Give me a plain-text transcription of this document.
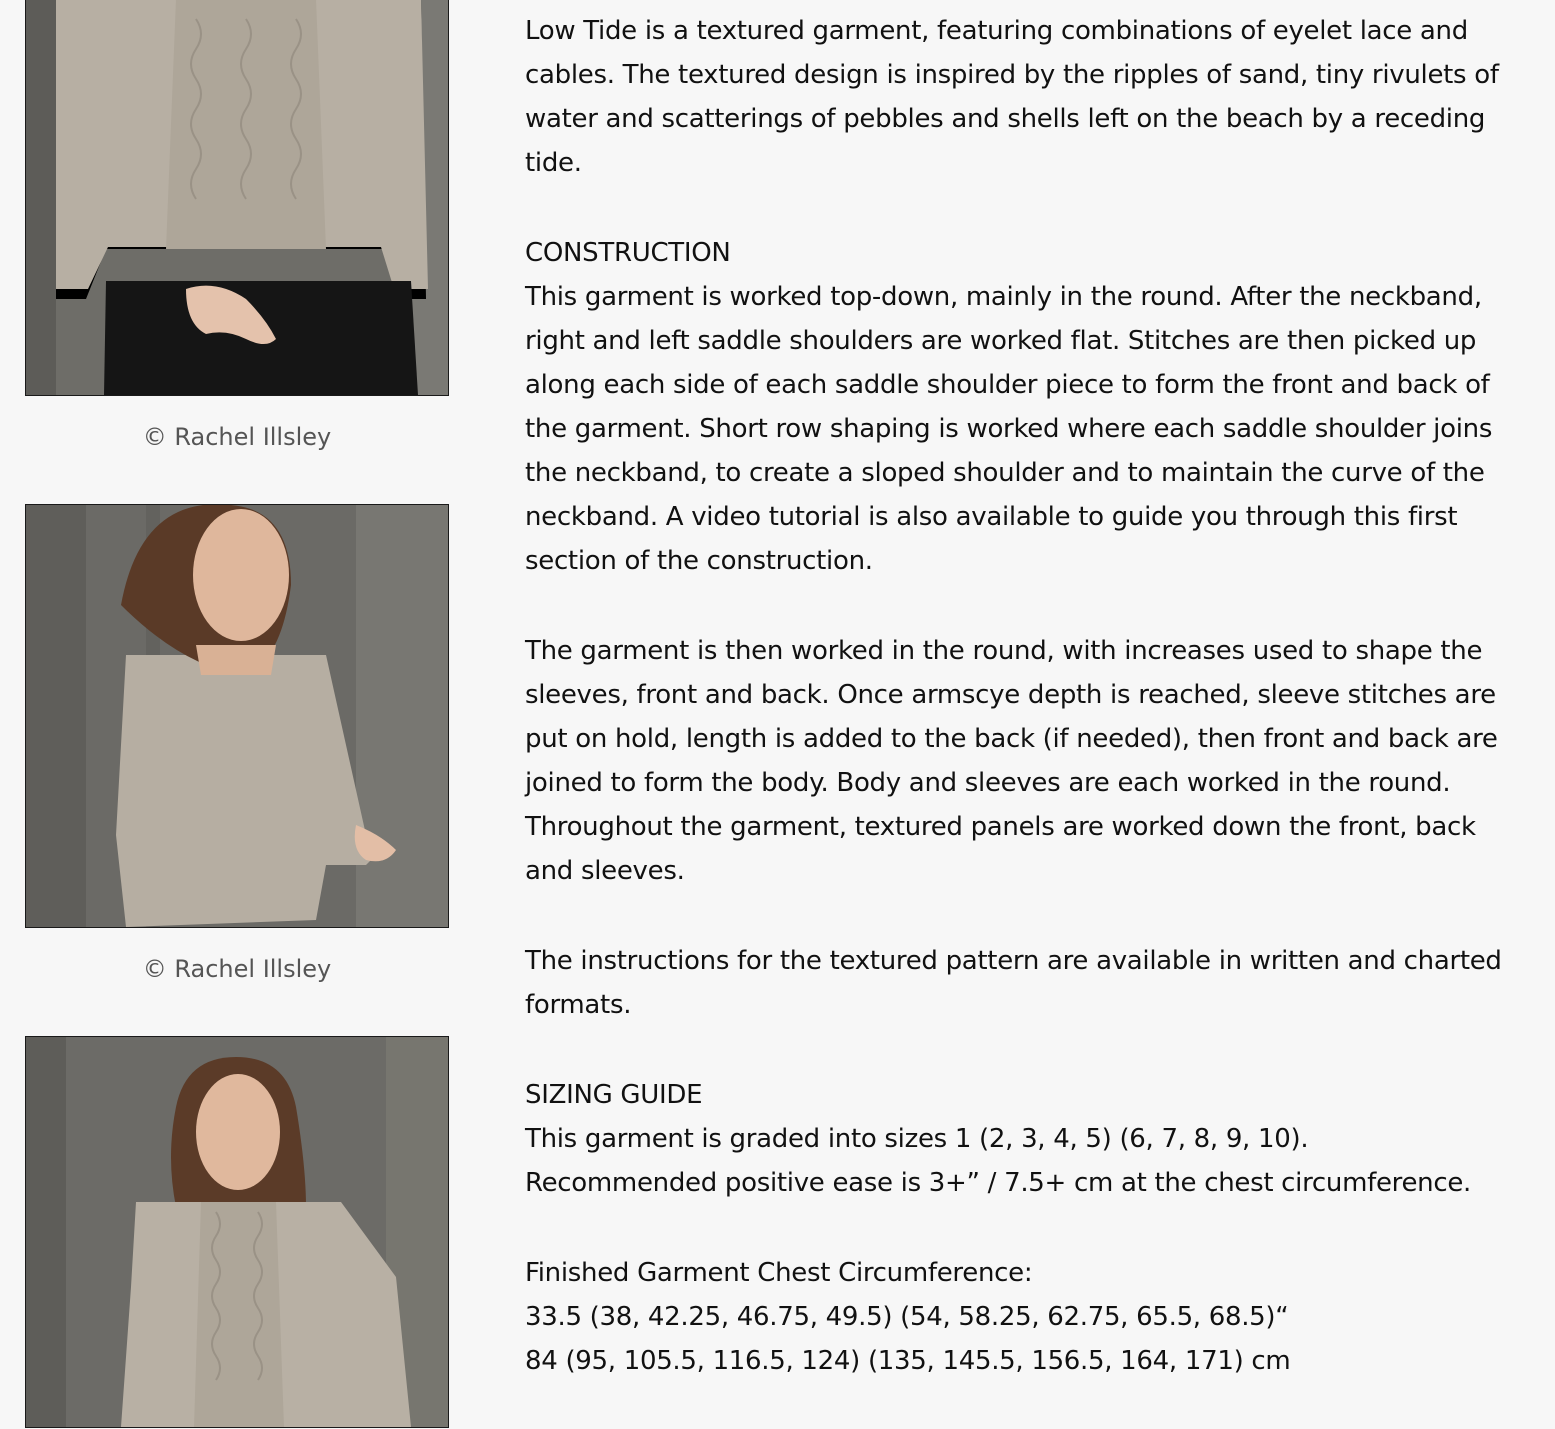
© Rachel Illsley
© Rachel Illsley

Low Tide is a textured garment, featuring combinations of eyelet lace and cables. The textured design is inspired by the ripples of sand, tiny rivulets of water and scatterings of pebbles and shells left on the beach by a receding tide.

CONSTRUCTION

This garment is worked top-down, mainly in the round. After the neckband, right and left saddle shoulders are worked flat. Stitches are then picked up along each side of each saddle shoulder piece to form the front and back of the garment. Short row shaping is worked where each saddle shoulder joins the neckband, to create a sloped shoulder and to maintain the curve of the neckband. A video tutorial is also available to guide you through this first section of the construction.

The garment is then worked in the round, with increases used to shape the sleeves, front and back. Once armscye depth is reached, sleeve stitches are put on hold, length is added to the back (if needed), then front and back are joined to form the body. Body and sleeves are each worked in the round. Throughout the garment, textured panels are worked down the front, back and sleeves.

The instructions for the textured pattern are available in written and charted formats.

SIZING GUIDE

This garment is graded into sizes 1 (2, 3, 4, 5) (6, 7, 8, 9, 10).
Recommended positive ease is 3+” / 7.5+ cm at the chest circumference.

Finished Garment Chest Circumference:
33.5 (38, 42.25, 46.75, 49.5) (54, 58.25, 62.75, 65.5, 68.5)“
84 (95, 105.5, 116.5, 124) (135, 145.5, 156.5, 164, 171) cm
